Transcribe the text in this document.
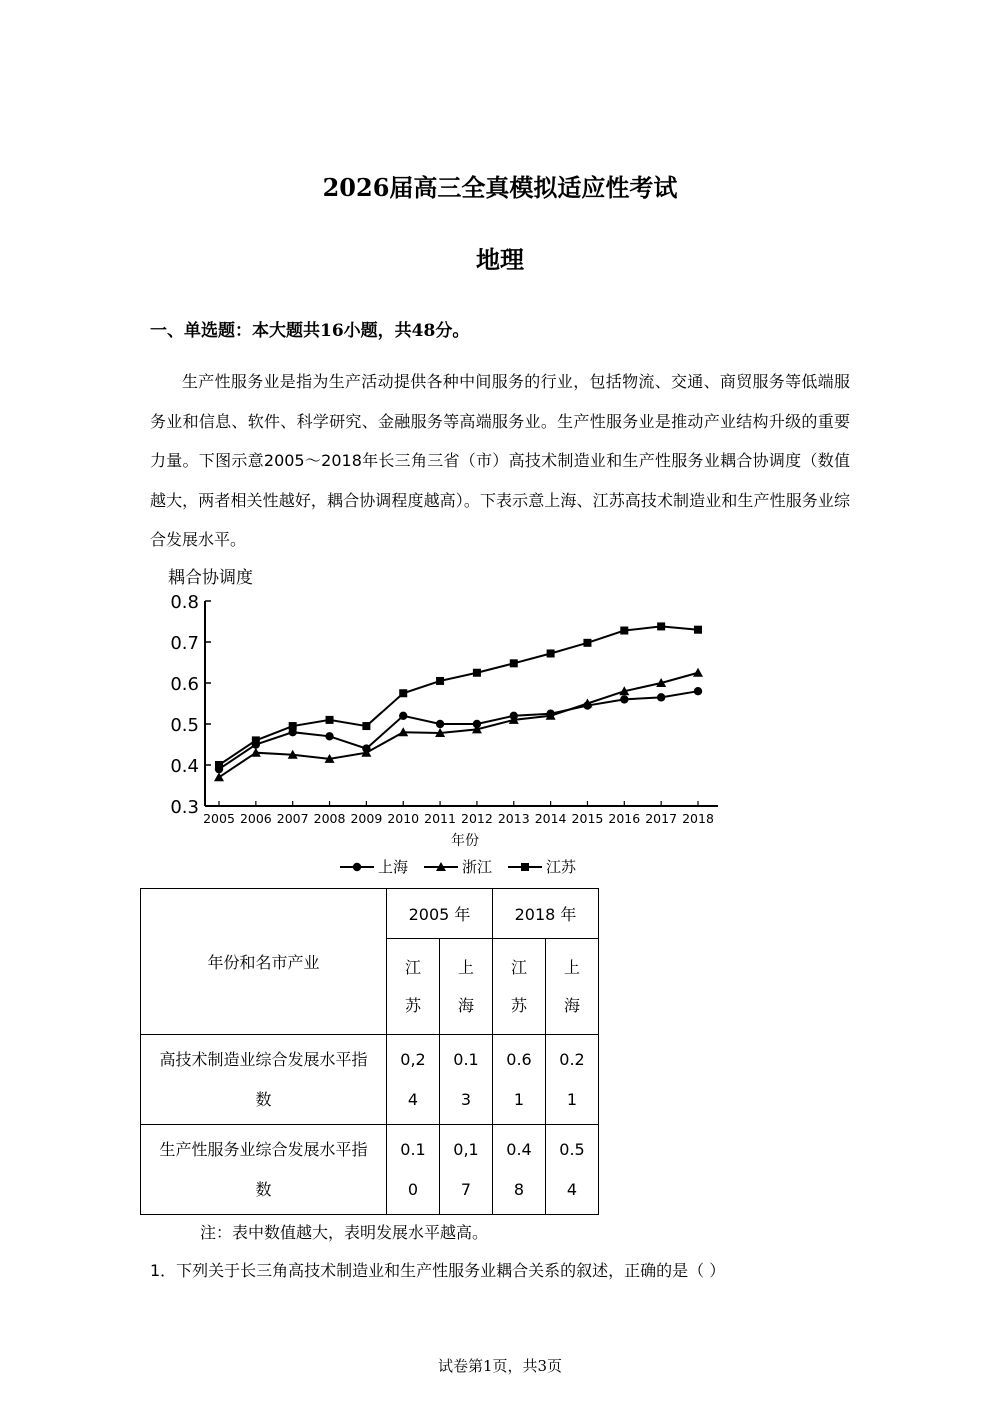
2026届高三全真模拟适应性考试
地理
一、单选题：本大题共16小题，共48分。

生产性服务业是指为生产活动提供各种中间服务的行业，包括物流、交通、商贸服务等低端服务业和信息、软件、科学研究、金融服务等高端服务业。生产性服务业是推动产业结构升级的重要力量。下图示意2005～2018年长三角三省（市）高技术制造业和生产性服务业耦合协调度（数值越大，两者相关性越好，耦合协调程度越高）。下表示意上海、江苏高技术制造业和生产性服务业综合发展水平。

耦合协调度
0.3
0.4
0.5
0.6
0.7
0.8
2005 2006 2007 2008 2009 2010 2011 2012 2013 2014 2015 2016 2017 2018
年份
上海	浙江	江苏
年份和名市产业	2005 年		2018 年	

	江苏	上海	江苏	上海

高技术制造业综合发展水平指数	0,24	0.13	0.61	0.21

生产性服务业综合发展水平指数	0.10	0,17	0.48	0.54
注：表中数值越大，表明发展水平越高。
1．下列关于长三角高技术制造业和生产性服务业耦合关系的叙述，正确的是（ ）
试卷第1页，共3页
